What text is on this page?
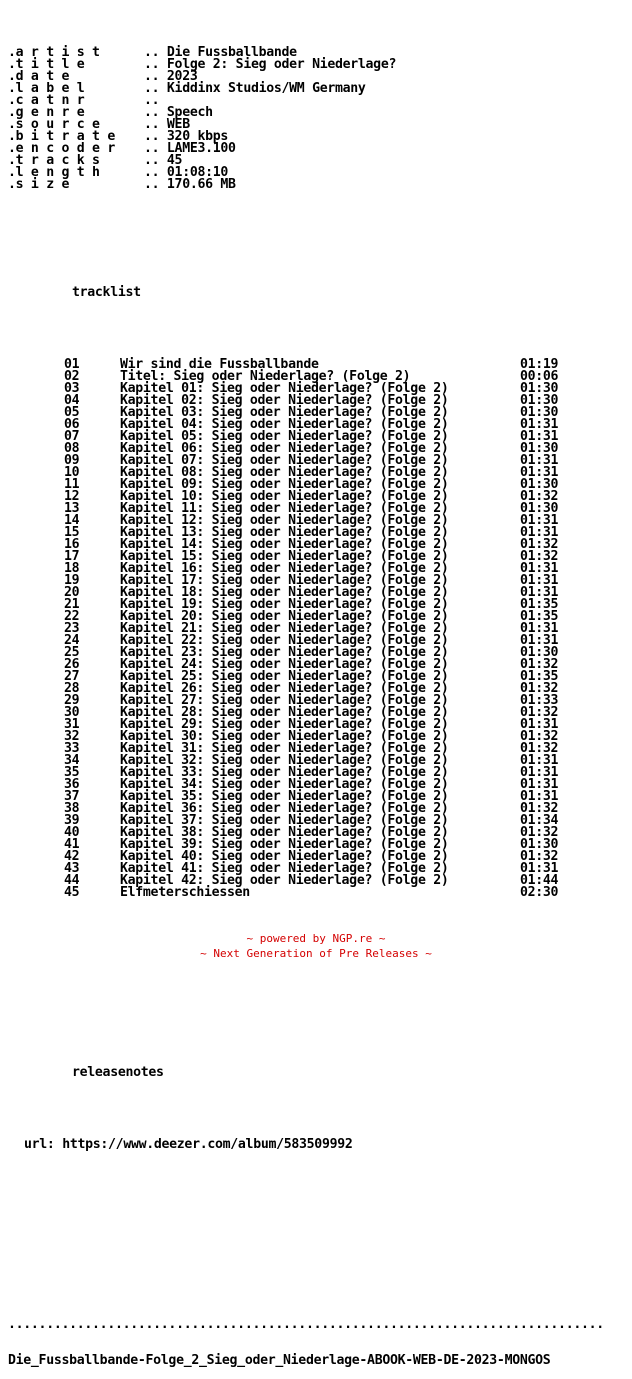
.a r t i s t	.. Die Fussballbande
.t i t l e	.. Folge 2: Sieg oder Niederlage?
.d a t e	.. 2023
.l a b e l	.. Kiddinx Studios/WM Germany
.c a t n r	..
.g e n r e	.. Speech
.s o u r c e	.. WEB
.b i t r a t e .. 320 kbps
.e n c o d e r .. LAME3.100
.t r a c k s	.. 45
.l e n g t h	.. 01:08:10
.s i z e	.. 170.66 MB

tracklist

01	Wir sind die Fussballbande	01:19
02	Titel: Sieg oder Niederlage? (Folge 2)	00:06
03	Kapitel 01: Sieg oder Niederlage? (Folge 2)	01:30
04	Kapitel 02: Sieg oder Niederlage? (Folge 2)	01:30
05	Kapitel 03: Sieg oder Niederlage? (Folge 2)	01:30
06	Kapitel 04: Sieg oder Niederlage? (Folge 2)	01:31
07	Kapitel 05: Sieg oder Niederlage? (Folge 2)	01:31
08	Kapitel 06: Sieg oder Niederlage? (Folge 2)	01:30
09	Kapitel 07: Sieg oder Niederlage? (Folge 2)	01:31
10	Kapitel 08: Sieg oder Niederlage? (Folge 2)	01:31
11	Kapitel 09: Sieg oder Niederlage? (Folge 2)	01:30
12	Kapitel 10: Sieg oder Niederlage? (Folge 2)	01:32
13	Kapitel 11: Sieg oder Niederlage? (Folge 2)	01:30
14	Kapitel 12: Sieg oder Niederlage? (Folge 2)	01:31
15	Kapitel 13: Sieg oder Niederlage? (Folge 2)	01:31
16	Kapitel 14: Sieg oder Niederlage? (Folge 2)	01:32
17	Kapitel 15: Sieg oder Niederlage? (Folge 2)	01:32
18	Kapitel 16: Sieg oder Niederlage? (Folge 2)	01:31
19	Kapitel 17: Sieg oder Niederlage? (Folge 2)	01:31
20	Kapitel 18: Sieg oder Niederlage? (Folge 2)	01:31
21	Kapitel 19: Sieg oder Niederlage? (Folge 2)	01:35
22	Kapitel 20: Sieg oder Niederlage? (Folge 2)	01:35
23	Kapitel 21: Sieg oder Niederlage? (Folge 2)	01:31
24	Kapitel 22: Sieg oder Niederlage? (Folge 2)	01:31
25	Kapitel 23: Sieg oder Niederlage? (Folge 2)	01:30
26	Kapitel 24: Sieg oder Niederlage? (Folge 2)	01:32
27	Kapitel 25: Sieg oder Niederlage? (Folge 2)	01:35
28	Kapitel 26: Sieg oder Niederlage? (Folge 2)	01:32
29	Kapitel 27: Sieg oder Niederlage? (Folge 2)	01:33
30	Kapitel 28: Sieg oder Niederlage? (Folge 2)	01:32
31	Kapitel 29: Sieg oder Niederlage? (Folge 2)	01:31
32	Kapitel 30: Sieg oder Niederlage? (Folge 2)	01:32
33	Kapitel 31: Sieg oder Niederlage? (Folge 2)	01:32
34	Kapitel 32: Sieg oder Niederlage? (Folge 2)	01:31
35	Kapitel 33: Sieg oder Niederlage? (Folge 2)	01:31
36	Kapitel 34: Sieg oder Niederlage? (Folge 2)	01:31
37	Kapitel 35: Sieg oder Niederlage? (Folge 2)	01:31
38	Kapitel 36: Sieg oder Niederlage? (Folge 2)	01:32
39	Kapitel 37: Sieg oder Niederlage? (Folge 2)	01:34
40	Kapitel 38: Sieg oder Niederlage? (Folge 2)	01:32
41	Kapitel 39: Sieg oder Niederlage? (Folge 2)	01:30
42	Kapitel 40: Sieg oder Niederlage? (Folge 2)	01:32
43	Kapitel 41: Sieg oder Niederlage? (Folge 2)	01:31
44	Kapitel 42: Sieg oder Niederlage? (Folge 2)	01:44
45	Elfmeterschiessen	02:30

releasenotes

url: https://www.deezer.com/album/583509992

..............................................................................

Die_Fussballbande-Folge_2_Sieg_oder_Niederlage-ABOOK-WEB-DE-2023-MONGOS

~ powered by NGP.re ~
~ Next Generation of Pre Releases ~
